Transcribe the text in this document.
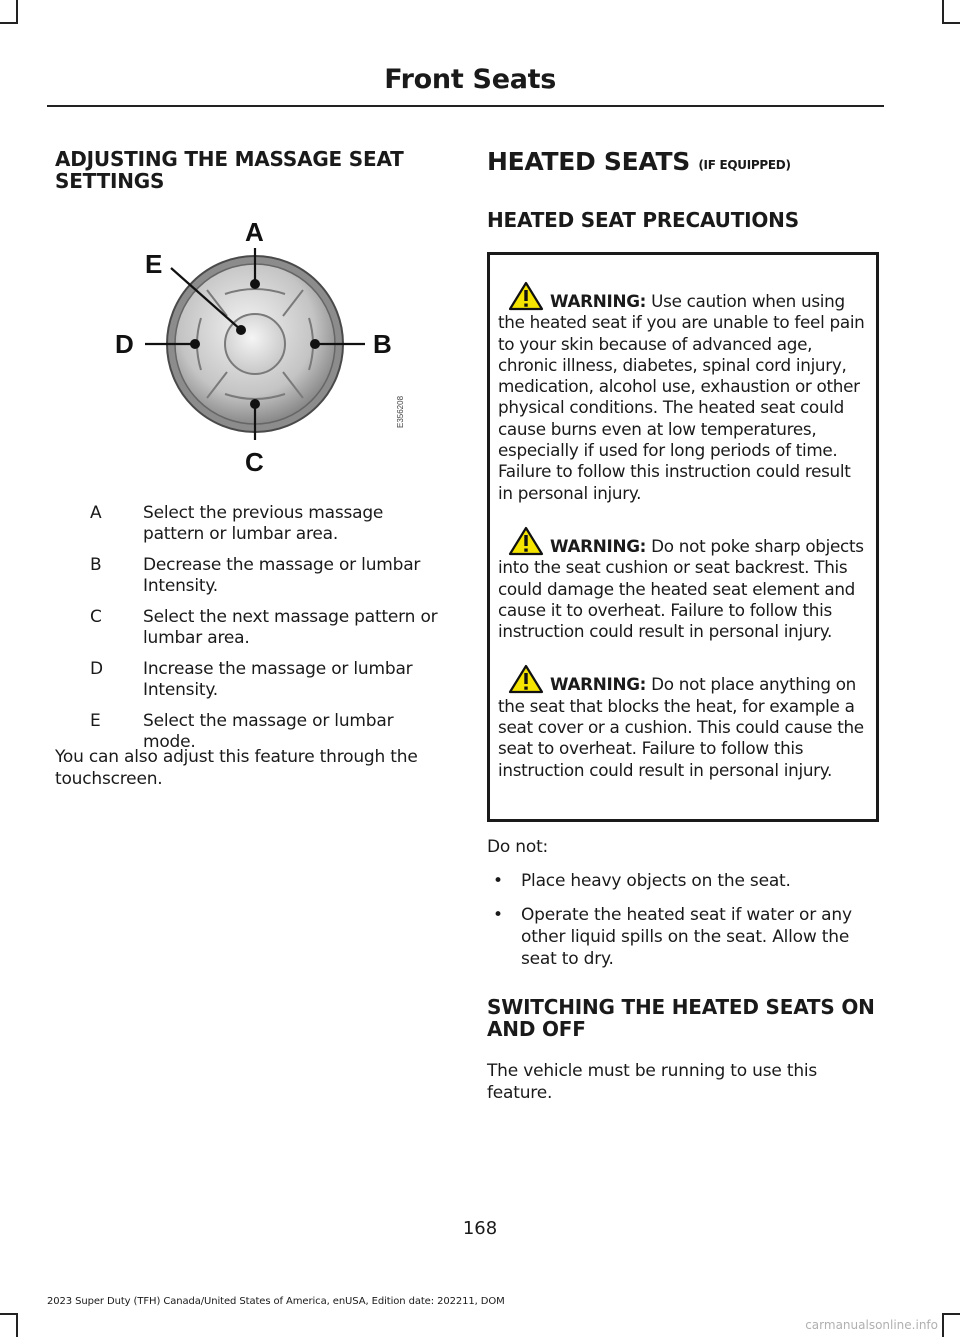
Front Seats
ADJUSTING THE MASSAGE SEAT SETTINGS
A
B
C
D
E
E356208
A	Select the previous massage pattern or lumbar area.
B	Decrease the massage or lumbar Intensity.
C	Select the next massage pattern or lumbar area.
D	Increase the massage or lumbar Intensity.
E	Select the massage or lumbar mode.

You can also adjust this feature through the touchscreen.

HEATED SEATS (IF EQUIPPED)
HEATED SEAT PRECAUTIONS

WARNING: Use caution when using the heated seat if you are unable to feel pain to your skin because of advanced age, chronic illness, diabetes, spinal cord injury, medication, alcohol use, exhaustion or other physical conditions. The heated seat could cause burns even at low temperatures, especially if used for long periods of time. Failure to follow this instruction could result in personal injury.

WARNING: Do not poke sharp objects into the seat cushion or seat backrest. This could damage the heated seat element and cause it to overheat. Failure to follow this instruction could result in personal injury.

WARNING: Do not place anything on the seat that blocks the heat, for example a seat cover or a cushion. This could cause the seat to overheat. Failure to follow this instruction could result in personal injury.

Do not:

• Place heavy objects on the seat.
• Operate the heated seat if water or any other liquid spills on the seat. Allow the seat to dry.
SWITCHING THE HEATED SEATS ON AND OFF

The vehicle must be running to use this feature.

168
2023 Super Duty (TFH) Canada/United States of America, enUSA, Edition date: 202211, DOM
carmanualsonline.info
